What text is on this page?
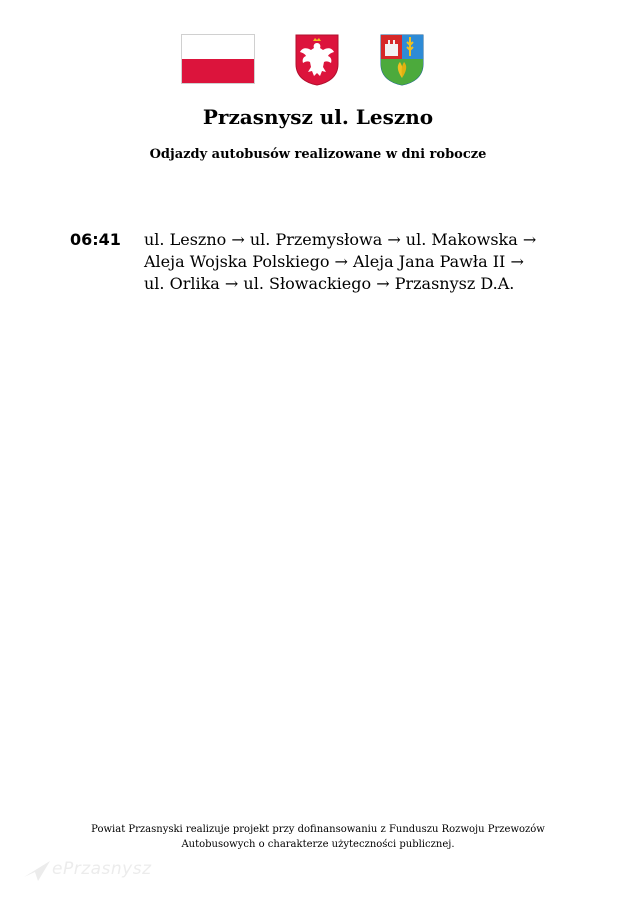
Przasnysz ul. Leszno
Odjazdy autobusów realizowane w dni robocze
06:41 ul. Leszno → ul. Przemysłowa → ul. Makowska →
Aleja Wojska Polskiego → Aleja Jana Pawła II →
ul. Orlika → ul. Słowackiego → Przasnysz D.A.
Powiat Przasnyski realizuje projekt przy dofinansowaniu z Funduszu Rozwoju Przewozów
Autobusowych o charakterze użyteczności publicznej.
ePrzasnysz
